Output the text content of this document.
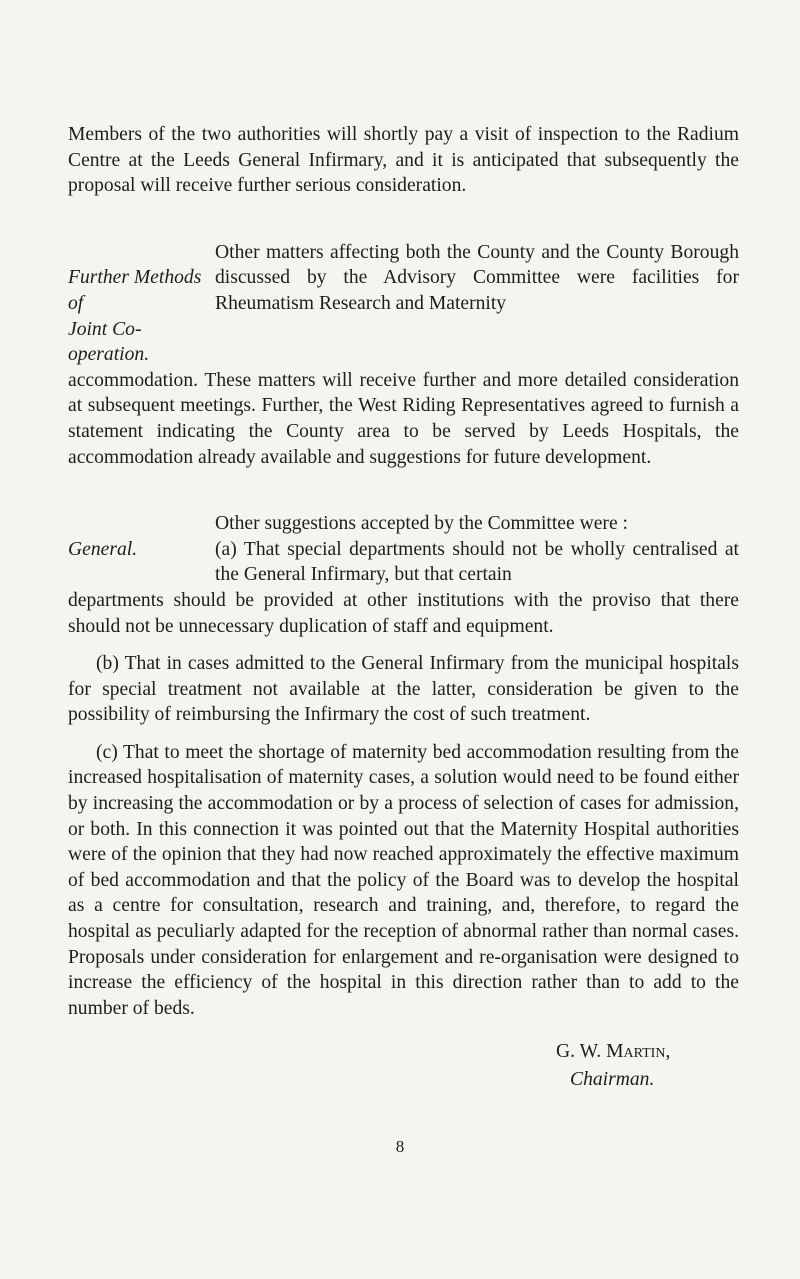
Members of the two authorities will shortly pay a visit of inspection to the Radium Centre at the Leeds General Infirmary, and it is anticipated that subsequently the proposal will receive further serious consideration.

Further Methods of
Joint Co-operation.

Other matters affecting both the County and the County Borough discussed by the Advisory Committee were facilities for Rheumatism Research and Maternity

accommodation. These matters will receive further and more detailed consideration at subsequent meetings. Further, the West Riding Representatives agreed to furnish a statement indicating the County area to be served by Leeds Hospitals, the accommodation already available and suggestions for future development.

Other suggestions accepted by the Committee were :

General.	(a) That special departments should not be wholly centralised at the General Infirmary, but that certain

departments should be provided at other institutions with the proviso that there should not be unnecessary duplication of staff and equipment.

(b) That in cases admitted to the General Infirmary from the municipal hospitals for special treatment not available at the latter, consideration be given to the possibility of reimbursing the Infirmary the cost of such treatment.

(c) That to meet the shortage of maternity bed accommodation resulting from the increased hospitalisation of maternity cases, a solution would need to be found either by increasing the accommodation or by a process of selection of cases for admission, or both. In this connection it was pointed out that the Maternity Hospital authorities were of the opinion that they had now reached approximately the effective maximum of bed accommodation and that the policy of the Board was to develop the hospital as a centre for consultation, research and training, and, therefore, to regard the hospital as peculiarly adapted for the reception of abnormal rather than normal cases. Proposals under consideration for enlargement and re-organisation were designed to increase the efficiency of the hospital in this direction rather than to add to the number of beds.

G. W. Martin,
Chairman.
8
